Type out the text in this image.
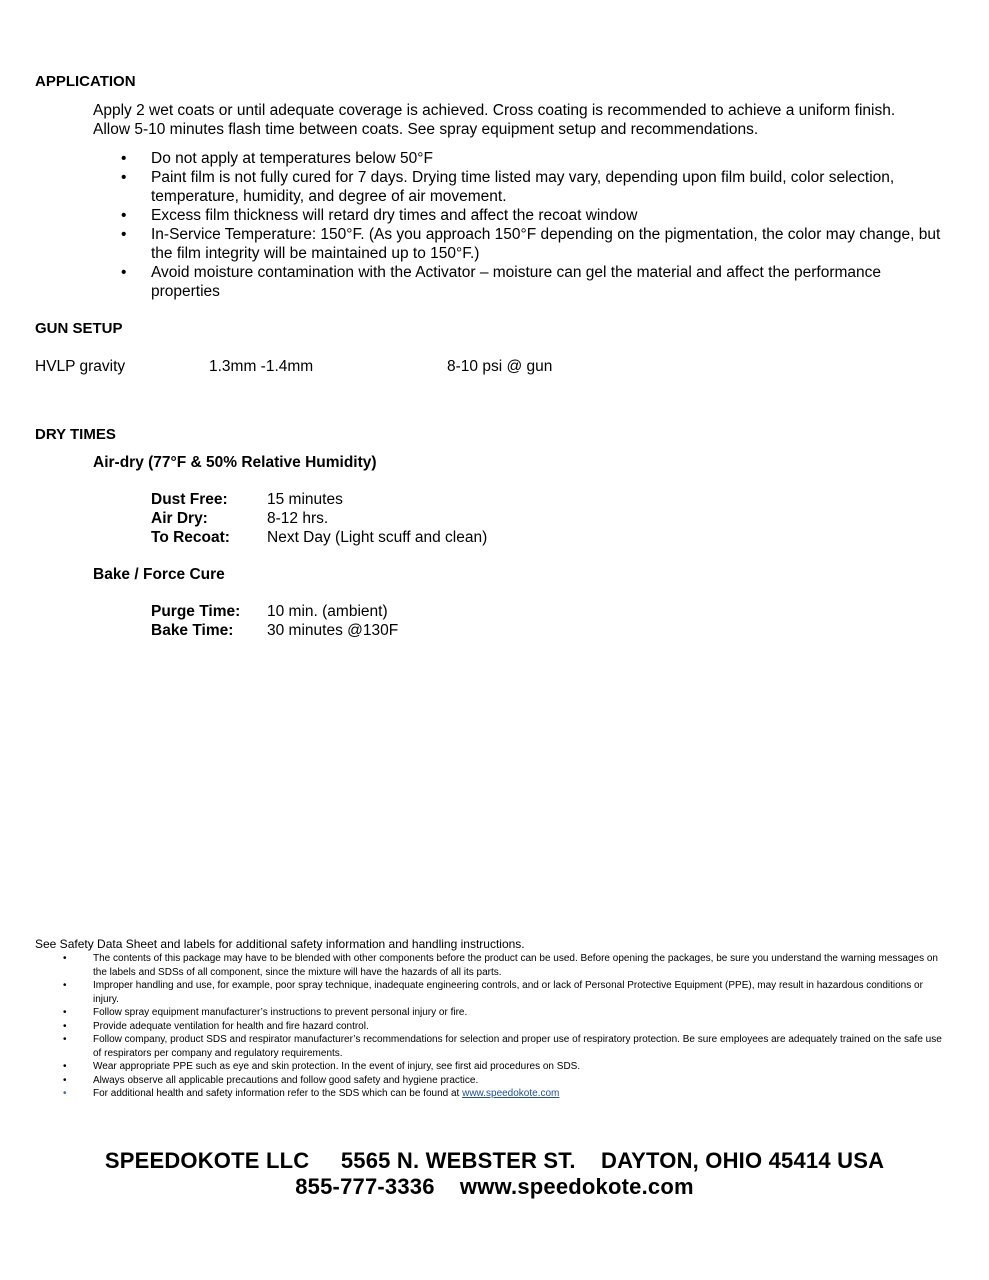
APPLICATION
Apply 2 wet coats or until adequate coverage is achieved. Cross coating is recommended to achieve a uniform finish.
Allow 5-10 minutes flash time between coats. See spray equipment setup and recommendations.
• Do not apply at temperatures below 50°F
• Paint film is not fully cured for 7 days. Drying time listed may vary, depending upon film build, color selection, temperature, humidity, and degree of air movement.
• Excess film thickness will retard dry times and affect the recoat window
• In-Service Temperature: 150°F. (As you approach 150°F depending on the pigmentation, the color may change, but the film integrity will be maintained up to 150°F.)
• Avoid moisture contamination with the Activator – moisture can gel the material and affect the performance properties
GUN SETUP
HVLP gravity	1.3mm -1.4mm	8-10 psi @ gun
DRY TIMES
Air-dry (77°F & 50% Relative Humidity)
Dust Free:	15 minutes
Air Dry:	8-12 hrs.
To Recoat: Next Day (Light scuff and clean)
Bake / Force Cure
Purge Time: 10 min. (ambient)
Bake Time: 30 minutes @130F
See Safety Data Sheet and labels for additional safety information and handling instructions.
• The contents of this package may have to be blended with other components before the product can be used. Before opening the packages, be sure you understand the warning messages on the labels and SDSs of all component, since the mixture will have the hazards of all its parts.
• Improper handling and use, for example, poor spray technique, inadequate engineering controls, and or lack of Personal Protective Equipment (PPE), may result in hazardous conditions or injury.
• Follow spray equipment manufacturer’s instructions to prevent personal injury or fire.
• Provide adequate ventilation for health and fire hazard control.
• Follow company, product SDS and respirator manufacturer’s recommendations for selection and proper use of respiratory protection. Be sure employees are adequately trained on the safe use of respirators per company and regulatory requirements.
• Wear appropriate PPE such as eye and skin protection. In the event of injury, see first aid procedures on SDS.
• Always observe all applicable precautions and follow good safety and hygiene practice.
• For additional health and safety information refer to the SDS which can be found at www.speedokote.com
SPEEDOKOTE LLC     5565 N. WEBSTER ST.    DAYTON, OHIO 45414 USA
855-777-3336    www.speedokote.com
